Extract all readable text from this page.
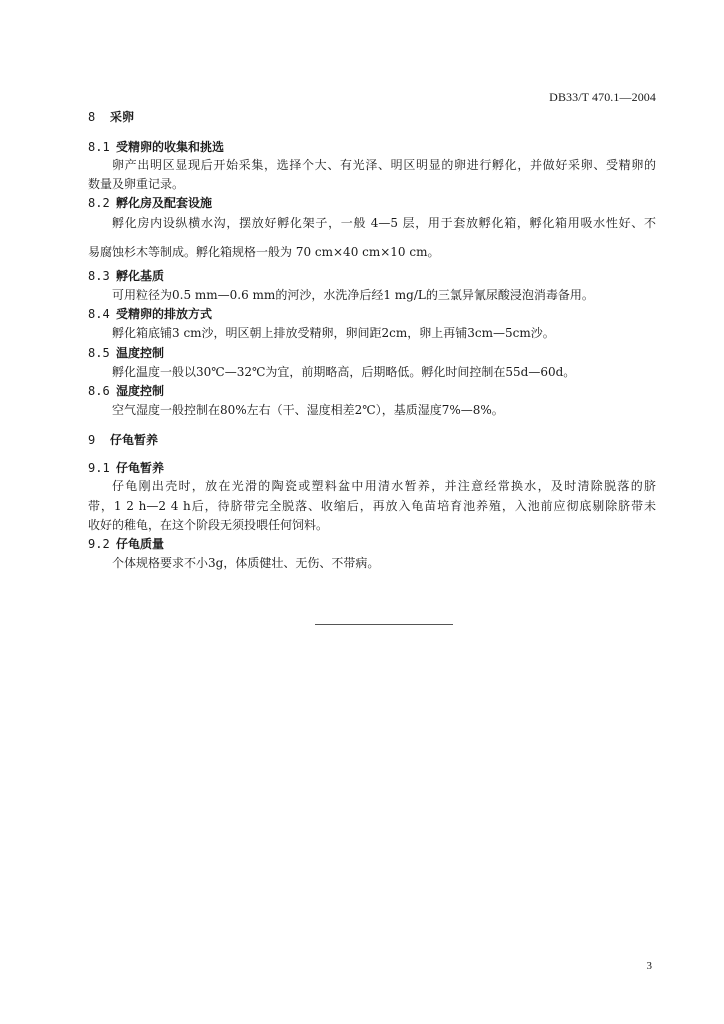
DB33/T 470.1—2004
8 采卵
8.1 受精卵的收集和挑选
卵产出明区显现后开始采集，选择个大、有光泽、明区明显的卵进行孵化，并做好采卵、受精卵的
数量及卵重记录。
8.2 孵化房及配套设施
孵化房内设纵横水沟，摆放好孵化架子，一般 4—5 层，用于套放孵化箱，孵化箱用吸水性好、不
易腐蚀杉木等制成。孵化箱规格一般为 70 cm×40 cm×10 cm。
8.3 孵化基质
可用粒径为0.5 mm—0.6 mm的河沙，水洗净后经1 mg/L的三氯异氰尿酸浸泡消毒备用。
8.4 受精卵的排放方式
孵化箱底铺3 cm沙，明区朝上排放受精卵，卵间距2cm，卵上再铺3cm—5cm沙。
8.5 温度控制
孵化温度一般以30℃—32℃为宜，前期略高，后期略低。孵化时间控制在55d—60d。
8.6 湿度控制
空气湿度一般控制在80%左右（干、湿度相差2℃），基质湿度7%—8%。
9 仔龟暂养
9.1 仔龟暂养
仔龟刚出壳时，放在光滑的陶瓷或塑料盆中用清水暂养，并注意经常换水，及时清除脱落的脐
带，1 2 h—2 4 h后，待脐带完全脱落、收缩后，再放入龟苗培育池养殖，入池前应彻底剔除脐带未
收好的稚龟，在这个阶段无须投喂任何饲料。
9.2 仔龟质量
个体规格要求不小3g，体质健壮、无伤、不带病。
3
